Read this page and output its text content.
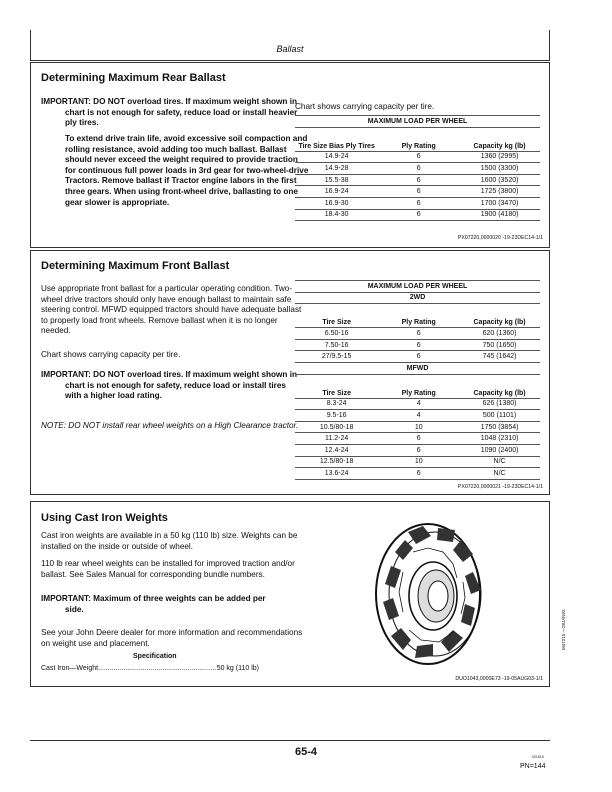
Ballast
Determining Maximum Rear Ballast
IMPORTANT: DO NOT overload tires. If maximum weight shown in chart is not enough for safety, reduce load or install heavier ply tires.
To extend drive train life, avoid excessive soil compaction and rolling resistance, avoid adding too much ballast. Ballast should never exceed the weight required to provide traction for continuous full power loads in 3rd gear for two-wheel-drive Tractors. Remove ballast if Tractor engine labors in the first three gears. When using front-wheel drive, ballasting to one gear slower is appropriate.
Chart shows carrying capacity per tire.
MAXIMUM LOAD PER WHEEL		
Tire Size Bias Ply Tires	Ply Rating	Capacity kg (lb)
14.9-24	6	1360 (2995)
14.9-28	6	1500 (3300)
15.5-38	6	1600 (3520)
16.9-24	6	1725 (3800)
16.9-30	6	1700 (3470)
18.4-30	6	1900 (4180)
PX07220,0000020 -19-23DEC14-1/1
Determining Maximum Front Ballast
Use appropriate front ballast for a particular operating condition. Two-wheel drive tractors should only have enough ballast to maintain safe steering control. MFWD equipped tractors should have adequate ballast to properly load front wheels. Remove ballast when it is no longer needed.
Chart shows carrying capacity per tire.
IMPORTANT: DO NOT overload tires. If maximum weight shown in chart is not enough for safety, reduce load or install tires with a higher load rating.
NOTE: DO NOT install rear wheel weights on a High Clearance tractor.
MAXIMUM LOAD PER WHEEL		
2WD		
Tire Size	Ply Rating	Capacity kg (lb)
6.50-16	6	620 (1360)
7.50-16	6	750 (1650)
27/9.5-15	6	745 (1642)
MFWD		
Tire Size	Ply Rating	Capacity kg (lb)
8.3-24	4	626 (1380)
9.5-16	4	500 (1101)
10.5/80-18	10	1750 (3854)
11.2-24	6	1048 (2310)
12.4-24	6	1090 (2400)
12.5/80-18	10	N/C
13.6-24	6	N/C
PX07220,0000021 -19-23DEC14-1/1
Using Cast Iron Weights
Cast iron weights are available in a 50 kg (110 lb) size. Weights can be installed on the inside or outside of wheel.
110 lb rear wheel weights can be installed for improved traction and/or ballast. See Sales Manual for corresponding bundle numbers.
IMPORTANT: Maximum of three weights can be added per side.
See your John Deere dealer for more information and recommendations on weight use and placement.
Specification
Cast Iron—Weight.............................................................50 kg (110 lb)
DUO1043,0000E73 -19-05AUG03-1/1
M47215 —28JAN92
65-4	021615
PN=144
